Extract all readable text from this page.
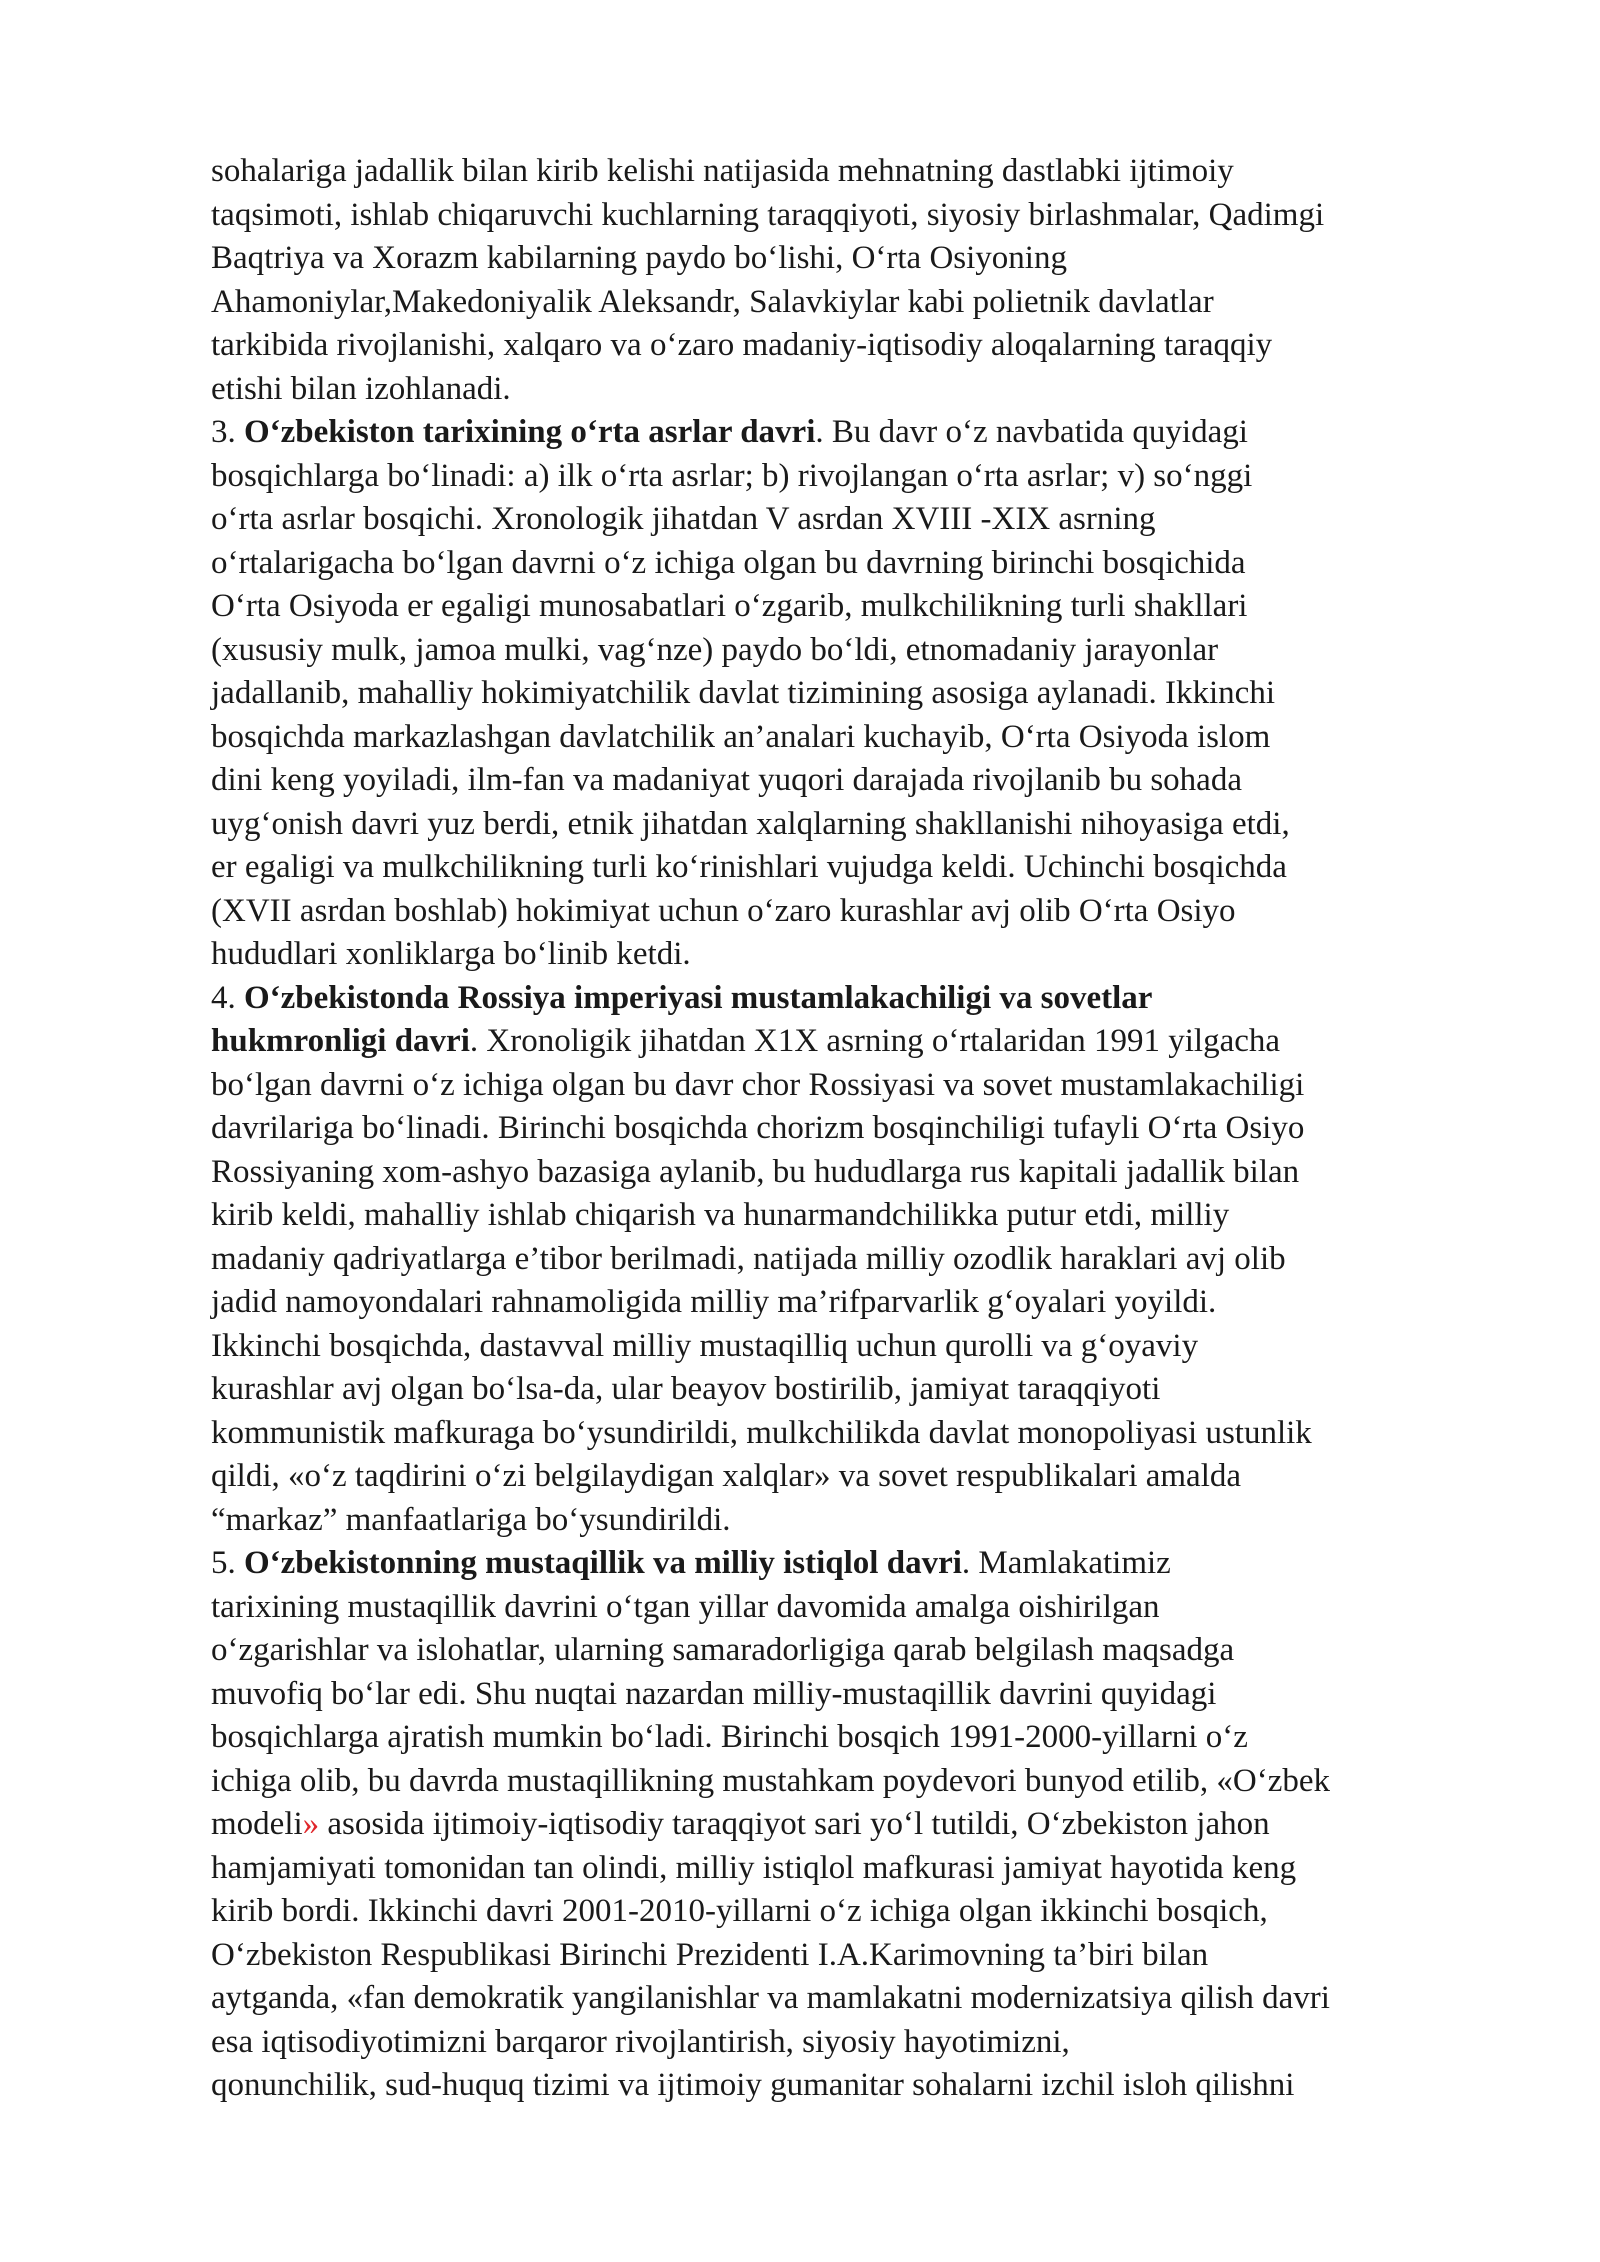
sohalariga jadallik bilan kirib kelishi natijasida mehnatning dastlabki ijtimoiy
taqsimoti, ishlab chiqaruvchi kuchlarning taraqqiyoti, siyosiy birlashmalar, Qadimgi
Baqtriya va Xorazm kabilarning paydo boʻlishi, Oʻrta Osiyoning
Ahamoniylar,Makedoniyalik Aleksandr, Salavkiylar kabi polietnik davlatlar
tarkibida rivojlanishi, xalqaro va oʻzaro madaniy-iqtisodiy aloqalarning taraqqiy
etishi bilan izohlanadi.
3. Oʻzbekiston tarixining oʻrta asrlar davri. Bu davr oʻz navbatida quyidagi
bosqichlarga boʻlinadi: a) ilk oʻrta asrlar; b) rivojlangan oʻrta asrlar; v) soʻnggi
oʻrta asrlar bosqichi. Xronologik jihatdan V asrdan XVIII -XIX asrning
oʻrtalarigacha boʻlgan davrni oʻz ichiga olgan bu davrning birinchi bosqichida
Oʻrta Osiyoda er egaligi munosabatlari oʻzgarib, mulkchilikning turli shakllari
(xususiy mulk, jamoa mulki, vagʻnze) paydo boʻldi, etnomadaniy jarayonlar
jadallanib, mahalliy hokimiyatchilik davlat tizimining asosiga aylanadi. Ikkinchi
bosqichda markazlashgan davlatchilik an’analari kuchayib, Oʻrta Osiyoda islom
dini keng yoyiladi, ilm-fan va madaniyat yuqori darajada rivojlanib bu sohada
uygʻonish davri yuz berdi, etnik jihatdan xalqlarning shakllanishi nihoyasiga etdi,
er egaligi va mulkchilikning turli koʻrinishlari vujudga keldi. Uchinchi bosqichda
(XVII asrdan boshlab) hokimiyat uchun oʻzaro kurashlar avj olib Oʻrta Osiyo
hududlari xonliklarga boʻlinib ketdi.
4. Oʻzbekistonda Rossiya imperiyasi mustamlakachiligi va sovetlar
hukmronligi davri. Xronoligik jihatdan X1X asrning oʻrtalaridan 1991 yilgacha
boʻlgan davrni oʻz ichiga olgan bu davr chor Rossiyasi va sovet mustamlakachiligi
davrilariga boʻlinadi. Birinchi bosqichda chorizm bosqinchiligi tufayli Oʻrta Osiyo
Rossiyaning xom-ashyo bazasiga aylanib, bu hududlarga rus kapitali jadallik bilan
kirib keldi, mahalliy ishlab chiqarish va hunarmandchilikka putur etdi, milliy
madaniy qadriyatlarga e’tibor berilmadi, natijada milliy ozodlik haraklari avj olib
jadid namoyondalari rahnamoligida milliy ma’rifparvarlik gʻoyalari yoyildi.
Ikkinchi bosqichda, dastavval milliy mustaqilliq uchun qurolli va gʻoyaviy
kurashlar avj olgan boʻlsa-da, ular beayov bostirilib, jamiyat taraqqiyoti
kommunistik mafkuraga boʻysundirildi, mulkchilikda davlat monopoliyasi ustunlik
qildi, «oʻz taqdirini oʻzi belgilaydigan xalqlar» va sovet respublikalari amalda
“markaz” manfaatlariga boʻysundirildi.
5. Oʻzbekistonning mustaqillik va milliy istiqlol davri. Mamlakatimiz
tarixining mustaqillik davrini oʻtgan yillar davomida amalga oishirilgan
oʻzgarishlar va islohatlar, ularning samaradorligiga qarab belgilash maqsadga
muvofiq boʻlar edi. Shu nuqtai nazardan milliy-mustaqillik davrini quyidagi
bosqichlarga ajratish mumkin boʻladi. Birinchi bosqich 1991-2000-yillarni oʻz
ichiga olib, bu davrda mustaqillikning mustahkam poydevori bunyod etilib, «Oʻzbek
modeli» asosida ijtimoiy-iqtisodiy taraqqiyot sari yoʻl tutildi, Oʻzbekiston jahon
hamjamiyati tomonidan tan olindi, milliy istiqlol mafkurasi jamiyat hayotida keng
kirib bordi. Ikkinchi davri 2001-2010-yillarni oʻz ichiga olgan ikkinchi bosqich,
Oʻzbekiston Respublikasi Birinchi Prezidenti I.A.Karimovning ta’biri bilan
aytganda, «fan demokratik yangilanishlar va mamlakatni modernizatsiya qilish davri
esa iqtisodiyotimizni barqaror rivojlantirish, siyosiy hayotimizni,
qonunchilik, sud-huquq tizimi va ijtimoiy gumanitar sohalarni izchil isloh qilishni
